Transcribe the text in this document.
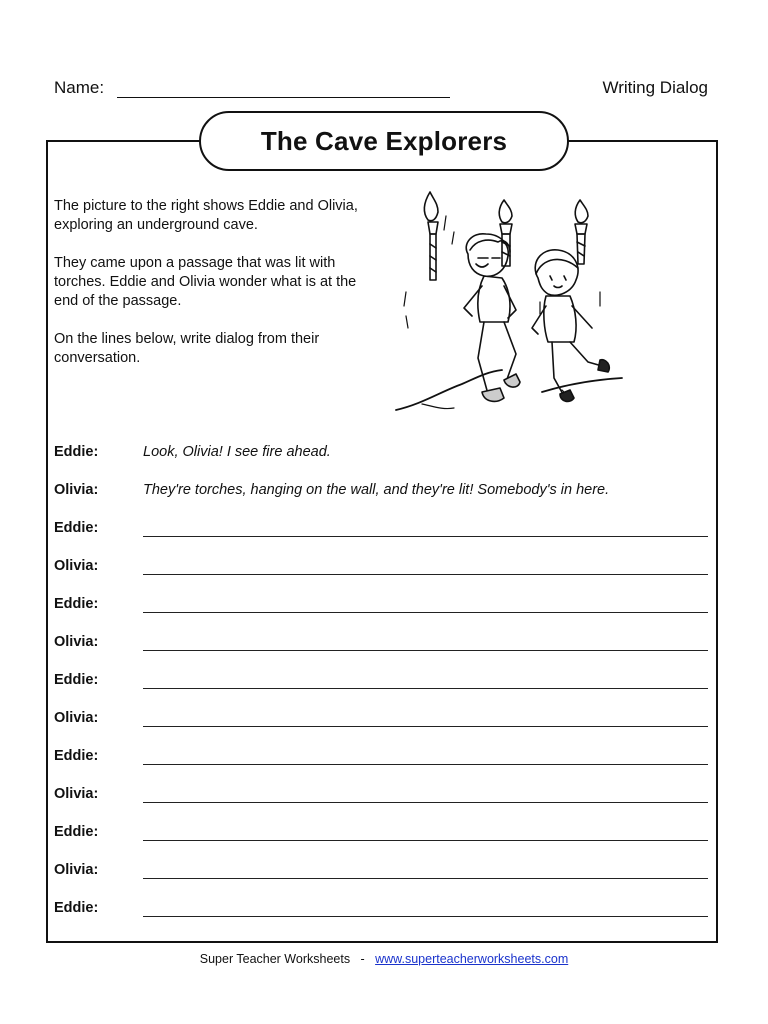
Name:	Writing Dialog
The Cave Explorers

The picture to the right shows Eddie and Olivia, exploring an underground cave.

They came upon a passage that was lit with torches. Eddie and Olivia wonder what is at the end of the passage.

On the lines below, write dialog from their conversation.

Eddie:	Look, Olivia! I see fire ahead.
Olivia:	They're torches, hanging on the wall, and they're lit! Somebody's in here.
Eddie:
Olivia:
Eddie:
Olivia:
Eddie:
Olivia:
Eddie:
Olivia:
Eddie:
Olivia:
Eddie:
Super Teacher Worksheets - www.superteacherworksheets.com
